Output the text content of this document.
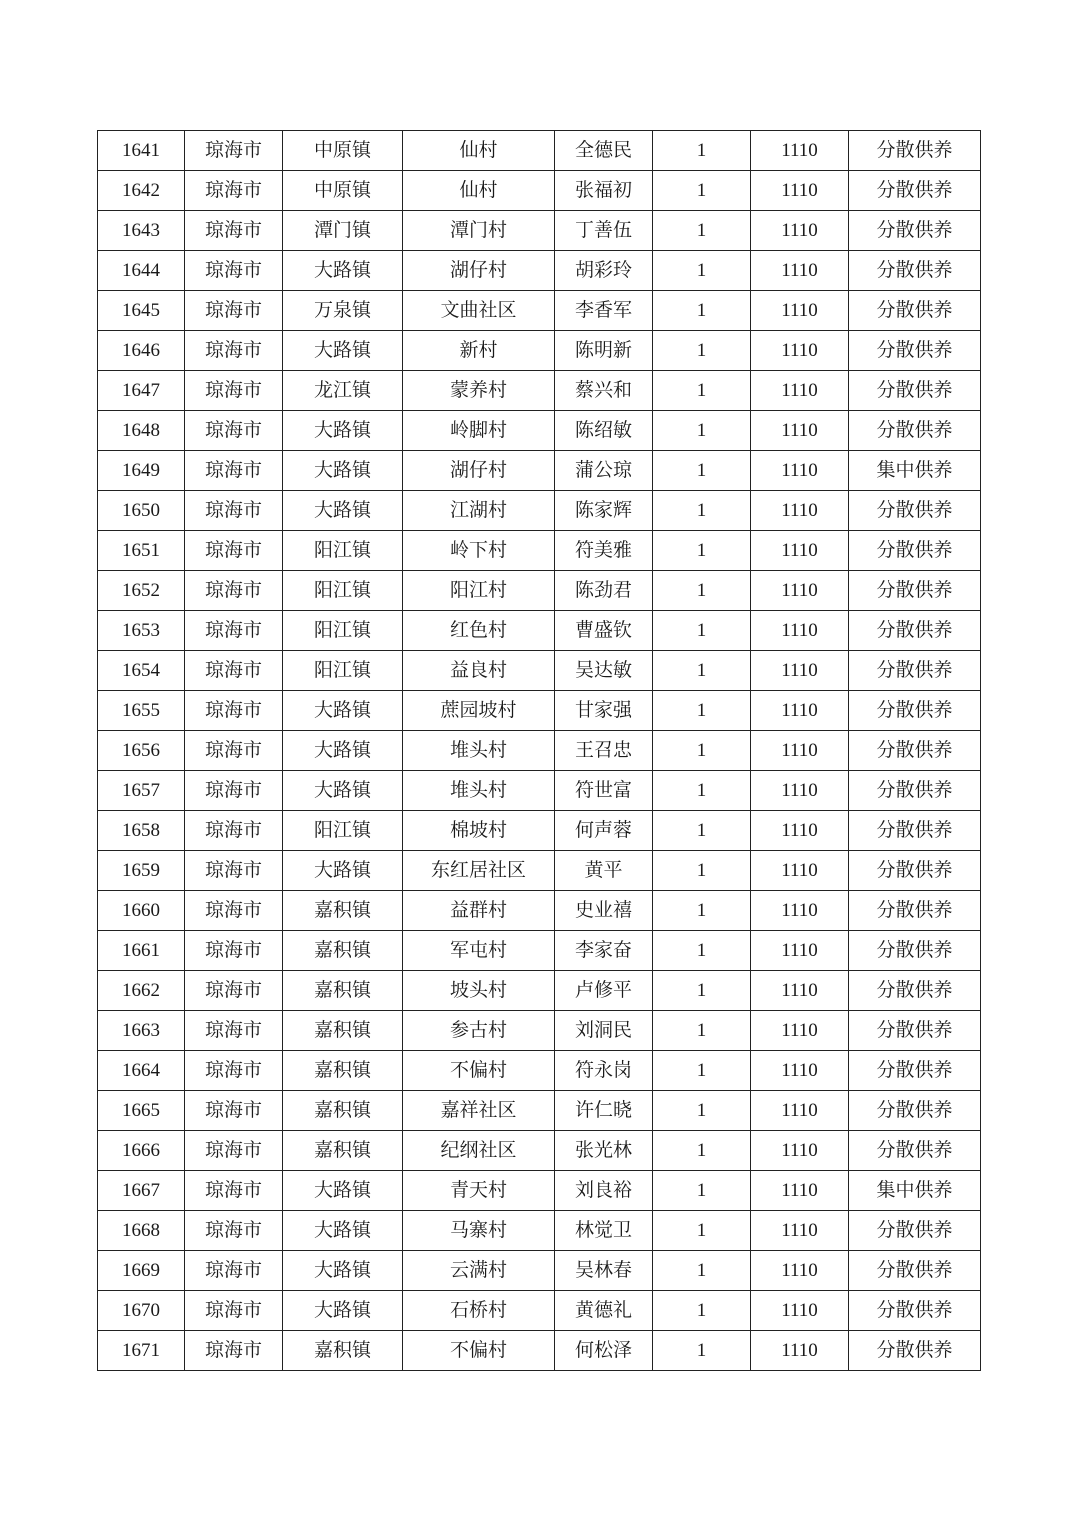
1641	琼海市	中原镇	仙村	全德民	1	1110	分散供养
1642	琼海市	中原镇	仙村	张福初	1	1110	分散供养
1643	琼海市	潭门镇	潭门村	丁善伍	1	1110	分散供养
1644	琼海市	大路镇	湖仔村	胡彩玲	1	1110	分散供养
1645	琼海市	万泉镇	文曲社区	李香军	1	1110	分散供养
1646	琼海市	大路镇	新村	陈明新	1	1110	分散供养
1647	琼海市	龙江镇	蒙养村	蔡兴和	1	1110	分散供养
1648	琼海市	大路镇	岭脚村	陈绍敏	1	1110	分散供养
1649	琼海市	大路镇	湖仔村	蒲公琼	1	1110	集中供养
1650	琼海市	大路镇	江湖村	陈家辉	1	1110	分散供养
1651	琼海市	阳江镇	岭下村	符美雅	1	1110	分散供养
1652	琼海市	阳江镇	阳江村	陈劲君	1	1110	分散供养
1653	琼海市	阳江镇	红色村	曹盛钦	1	1110	分散供养
1654	琼海市	阳江镇	益良村	吴达敏	1	1110	分散供养
1655	琼海市	大路镇	蔗园坡村	甘家强	1	1110	分散供养
1656	琼海市	大路镇	堆头村	王召忠	1	1110	分散供养
1657	琼海市	大路镇	堆头村	符世富	1	1110	分散供养
1658	琼海市	阳江镇	棉坡村	何声蓉	1	1110	分散供养
1659	琼海市	大路镇	东红居社区	黄平	1	1110	分散供养
1660	琼海市	嘉积镇	益群村	史业禧	1	1110	分散供养
1661	琼海市	嘉积镇	军屯村	李家奋	1	1110	分散供养
1662	琼海市	嘉积镇	坡头村	卢修平	1	1110	分散供养
1663	琼海市	嘉积镇	参古村	刘洞民	1	1110	分散供养
1664	琼海市	嘉积镇	不偏村	符永岗	1	1110	分散供养
1665	琼海市	嘉积镇	嘉祥社区	许仁晓	1	1110	分散供养
1666	琼海市	嘉积镇	纪纲社区	张光林	1	1110	分散供养
1667	琼海市	大路镇	青天村	刘良裕	1	1110	集中供养
1668	琼海市	大路镇	马寨村	林觉卫	1	1110	分散供养
1669	琼海市	大路镇	云满村	吴林春	1	1110	分散供养
1670	琼海市	大路镇	石桥村	黄德礼	1	1110	分散供养
1671	琼海市	嘉积镇	不偏村	何松泽	1	1110	分散供养
